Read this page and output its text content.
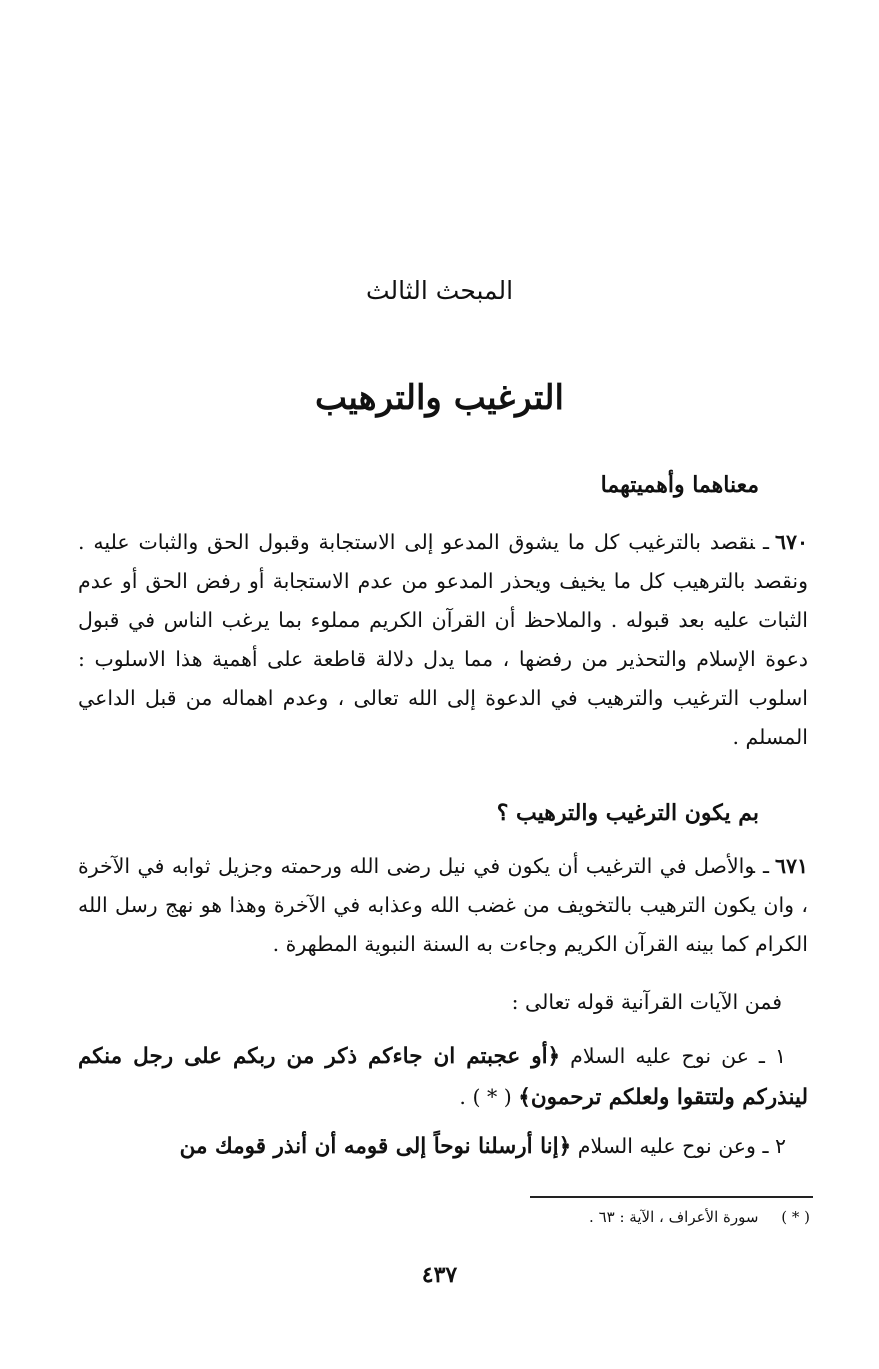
المبحث الثالث
الترغيب والترهيب
معناهما وأهميتهما
٦٧٠ـنقصد بالترغيب كل ما يشوق المدعو إلى الاستجابة وقبول الحق والثبات عليه . ونقصد بالترهيب كل ما يخيف ويحذر المدعو من عدم الاستجابة أو رفض الحق أو عدم الثبات عليه بعد قبوله . والملاحظ أن القرآن الكريم مملوء بما يرغب الناس في قبول دعوة الإسلام والتحذير من رفضها ، مما يدل دلالة قاطعة على أهمية هذا الاسلوب : اسلوب الترغيب والترهيب في الدعوة إلى الله تعالى ، وعدم اهماله من قبل الداعي المسلم .
بم يكون الترغيب والترهيب ؟
٦٧١ـوالأصل في الترغيب أن يكون في نيل رضى الله ورحمته وجزيل ثوابه في الآخرة ، وان يكون الترهيب بالتخويف من غضب الله وعذابه في الآخرة وهذا هو نهج رسل الله الكرام كما بينه القرآن الكريم وجاءت به السنة النبوية المطهرة .
فمن الآيات القرآنية قوله تعالى :
١ ـ عن نوح عليه السلام ﴿أو عجبتم ان جاءكم ذكر من ربكم على رجل منكم لينذركم ولتتقوا ولعلكم ترحمون﴾ ( * ) .
٢ ـ وعن نوح عليه السلام ﴿إنا أرسلنا نوحاً إلى قومه أن أنذر قومك من
( * ) سورة الأعراف ، الآية : ٦٣ .
٤٣٧
